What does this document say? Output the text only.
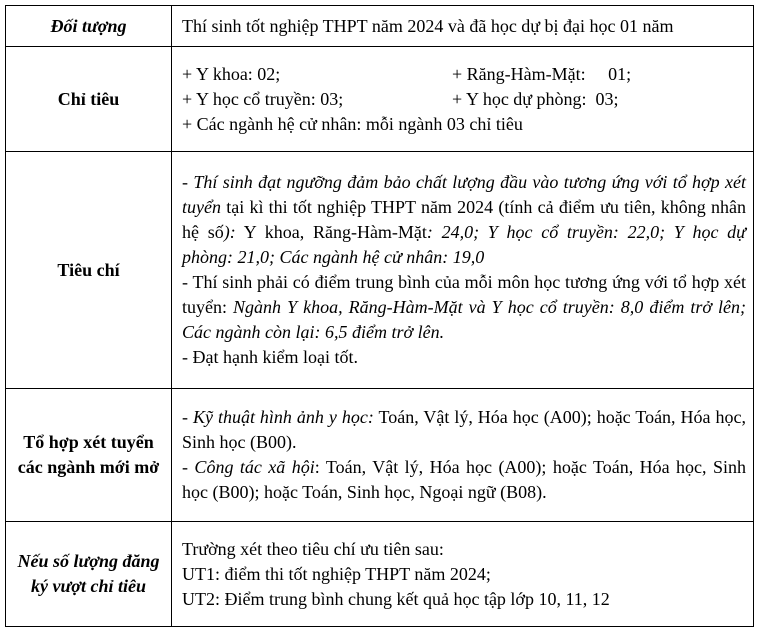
Đối tượng	Thí sinh tốt nghiệp THPT năm 2024 và đã học dự bị đại học 01 năm
Chỉ tiêu	+ Y khoa: 02; + Răng-Hàm-Mặt:     01;
+ Y học cổ truyền: 03; + Y học dự phòng:  03;
+ Các ngành hệ cử nhân: mỗi ngành 03 chỉ tiêu

Tiêu chí	- Thí sinh đạt ngưỡng đảm bảo chất lượng đầu vào tương ứng với tổ hợp xét tuyển tại kì thi tốt nghiệp THPT năm 2024 (tính cả điểm ưu tiên, không nhân hệ số): Y khoa, Răng-Hàm-Mặt: 24,0; Y học cổ truyền: 22,0; Y học dự phòng: 21,0; Các ngành hệ cử nhân: 19,0
- Thí sinh phải có điểm trung bình của mỗi môn học tương ứng với tổ hợp xét tuyển: Ngành Y khoa, Răng-Hàm-Mặt và Y học cổ truyền: 8,0 điểm trở lên; Các ngành còn lại: 6,5 điểm trở lên.
- Đạt hạnh kiểm loại tốt.

Tổ hợp xét tuyển các ngành mới mở	- Kỹ thuật hình ảnh y học: Toán, Vật lý, Hóa học (A00); hoặc Toán, Hóa học, Sinh học (B00).
- Công tác xã hội: Toán, Vật lý, Hóa học (A00); hoặc Toán, Hóa học, Sinh học (B00); hoặc Toán, Sinh học, Ngoại ngữ (B08).

Nếu số lượng đăng ký vượt chỉ tiêu	Trường xét theo tiêu chí ưu tiên sau:
UT1: điểm thi tốt nghiệp THPT năm 2024;
UT2: Điểm trung bình chung kết quả học tập lớp 10, 11, 12
